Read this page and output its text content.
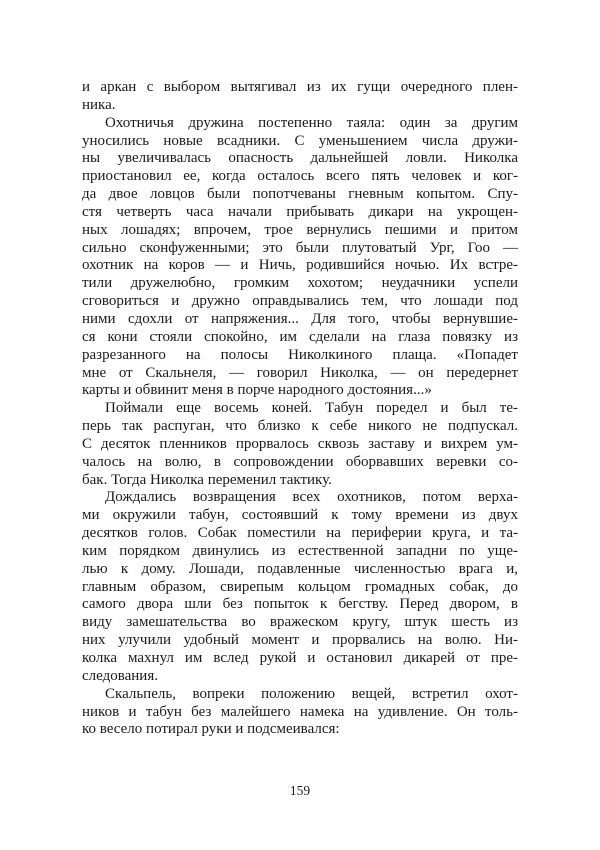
и аркан с выбором вытягивал из их гущи очередного плен-
ника.
Охотничья дружина постепенно таяла: один за другим
уносились новые всадники. С уменьшением числа дружи-
ны увеличивалась опасность дальнейшей ловли. Николка
приостановил ее, когда осталось всего пять человек и ког-
да двое ловцов были попотчеваны гневным копытом. Спу-
стя четверть часа начали прибывать дикари на укрощен-
ных лошадях; впрочем, трое вернулись пешими и притом
сильно сконфуженными; это были плутоватый Ург, Гоо —
охотник на коров — и Ничь, родившийся ночью. Их встре-
тили дружелюбно, громким хохотом; неудачники успели
сговориться и дружно оправдывались тем, что лошади под
ними сдохли от напряжения... Для того, чтобы вернувшие-
ся кони стояли спокойно, им сделали на глаза повязку из
разрезанного на полосы Николкиного плаща. «Попадет
мне от Скальнеля, — говорил Николка, — он передернет
карты и обвинит меня в порче народного достояния...»
Поймали еще восемь коней. Табун поредел и был те-
перь так распуган, что близко к себе никого не подпускал.
С десяток пленников прорвалось сквозь заставу и вихрем ум-
чалось на волю, в сопровождении оборвавших веревки со-
бак. Тогда Николка переменил тактику.
Дождались возвращения всех охотников, потом верха-
ми окружили табун, состоявший к тому времени из двух
десятков голов. Собак поместили на периферии круга, и та-
ким порядком двинулись из естественной западни по уще-
лью к дому. Лошади, подавленные численностью врага и,
главным образом, свирепым кольцом громадных собак, до
самого двора шли без попыток к бегству. Перед двором, в
виду замешательства во вражеском кругу, штук шесть из
них улучили удобный момент и прорвались на волю. Ни-
колка махнул им вслед рукой и остановил дикарей от пре-
следования.
Скальпель, вопреки положению вещей, встретил охот-
ников и табун без малейшего намека на удивление. Он толь-
ко весело потирал руки и подсмеивался:
159
